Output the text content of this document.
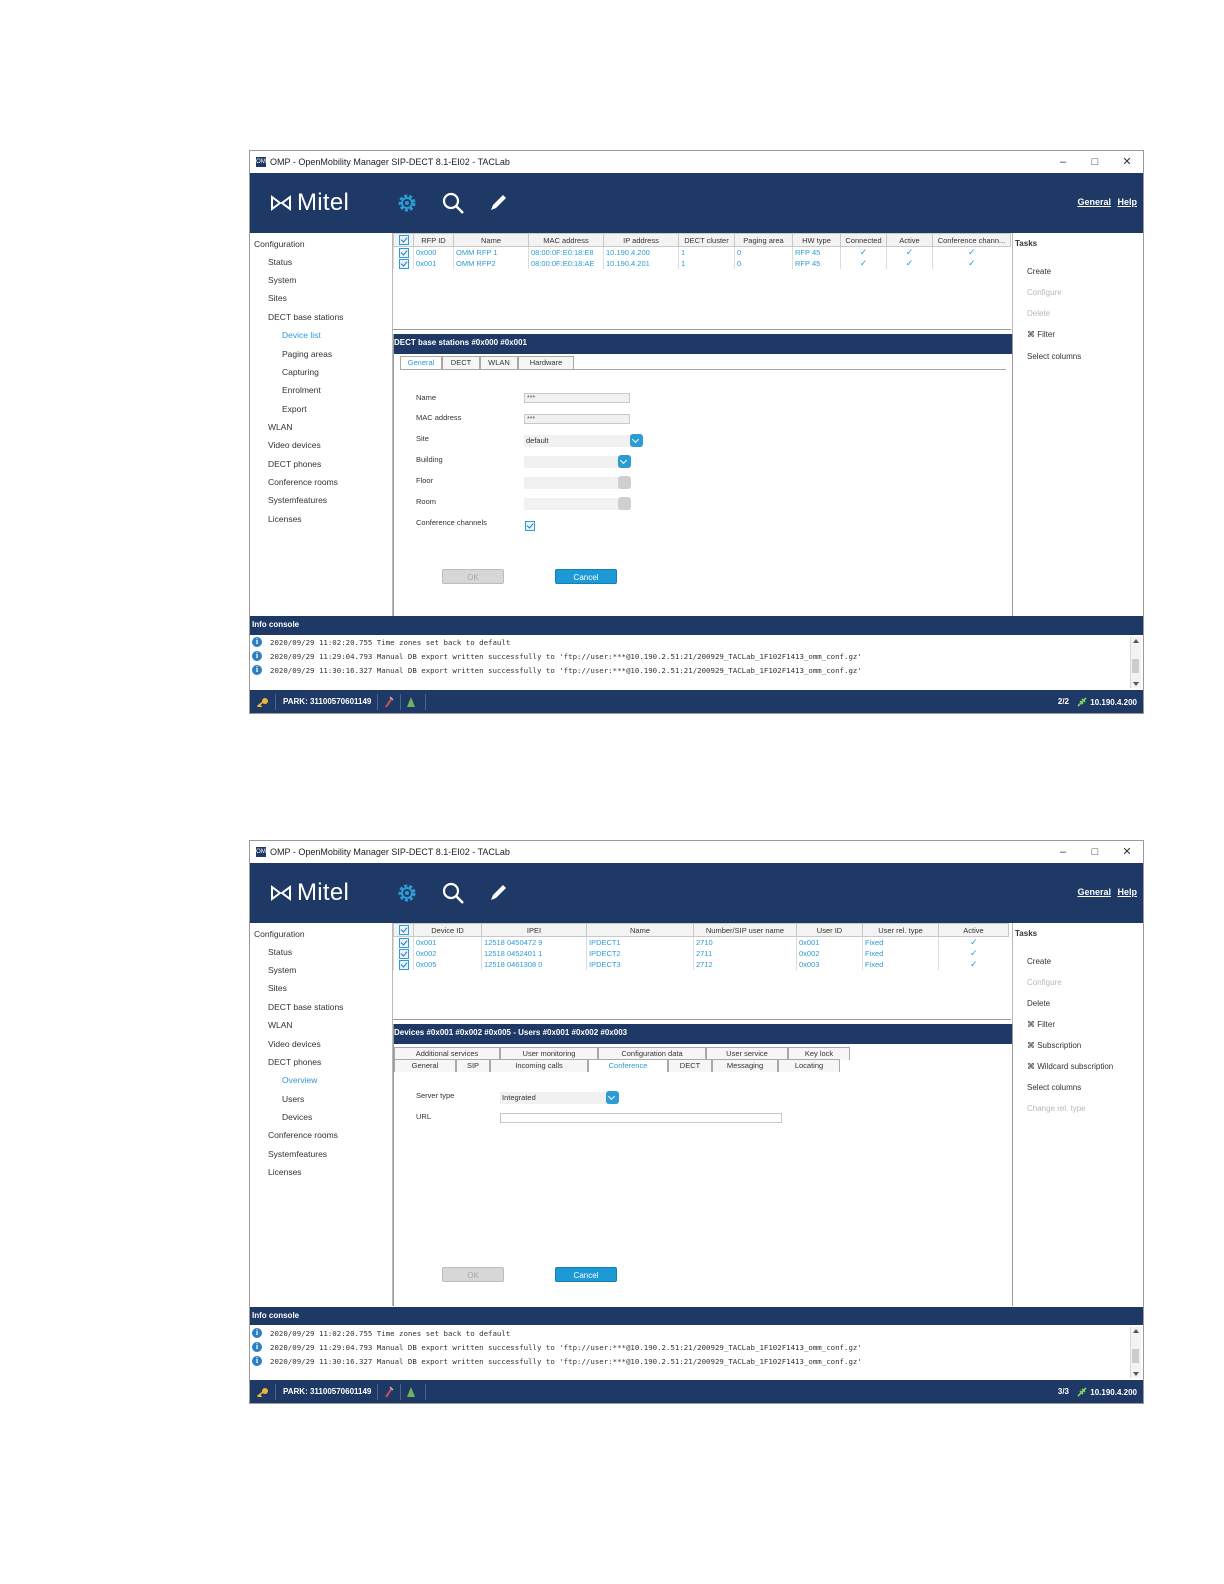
OM OMP - OpenMobility Manager SIP-DECT 8.1-EI02 - TACLab	–	□	✕
Mitel	General Help
Configuration
Status
System
Sites
DECT base stations
Device list
Paging areas
Capturing
Enrolment
Export
WLAN
Video devices
DECT phones
Conference rooms
Systemfeatures
Licenses
	RFP ID	Name	MAC address	IP address	DECT cluster	Paging area	HW type	Connected	Active	Conference chann...
	0x000	OMM RFP 1	08:00:0F:E0:18:E8	10.190.4.200	1	0	RFP 45	✓	✓	✓
	0x001	OMM RFP2	08:00:0F:E0:18:AE	10.190.4.201	1	0	RFP 45	✓	✓	✓
Tasks
Create
Configure
Delete
⌘ Filter
Select columns
DECT base stations #0x000 #0x001
General	DECT	WLAN	Hardware
Name	***
MAC address	***
Site	default
Building
Floor
Room
Conference channels
OK	Cancel
Info console
i	2020/09/29 11:02:20.755 Time zones set back to default
i	2020/09/29 11:29:04.793 Manual DB export written successfully to 'ftp://user:***@10.190.2.51:21/200929_TACLab_1F102F1413_omm_conf.gz'
i	2020/09/29 11:30:16.327 Manual DB export written successfully to 'ftp://user:***@10.190.2.51:21/200929_TACLab_1F102F1413_omm_conf.gz'
PARK: 31100570601149	2/2	10.190.4.200
OM OMP - OpenMobility Manager SIP-DECT 8.1-EI02 - TACLab	–	□	✕
Mitel	General Help
Configuration
Status
System
Sites
DECT base stations
WLAN
Video devices
DECT phones
Overview
Users
Devices
Conference rooms
Systemfeatures
Licenses
	Device ID	IPEI	Name	Number/SIP user name	User ID	User rel. type	Active
	0x001	12518 0450472 9	IPDECT1	2710	0x001	Fixed	✓
	0x002	12518 0452401 1	IPDECT2	2711	0x002	Fixed	✓
	0x005	12518 0461308 0	IPDECT3	2712	0x003	Fixed	✓
Tasks
Create
Configure
Delete
⌘ Filter
⌘ Subscription
⌘ Wildcard subscription
Select columns
Change rel. type
Devices #0x001 #0x002 #0x005 - Users #0x001 #0x002 #0x003
Additional services	User monitoring	Configuration data	User service	Key lock
General	SIP	Incoming calls	Conference	DECT	Messaging	Locating
Server type	Integrated
URL
OK	Cancel
Info console
i	2020/09/29 11:02:20.755 Time zones set back to default
i	2020/09/29 11:29:04.793 Manual DB export written successfully to 'ftp://user:***@10.190.2.51:21/200929_TACLab_1F102F1413_omm_conf.gz'
i	2020/09/29 11:30:16.327 Manual DB export written successfully to 'ftp://user:***@10.190.2.51:21/200929_TACLab_1F102F1413_omm_conf.gz'
PARK: 31100570601149	3/3	10.190.4.200
